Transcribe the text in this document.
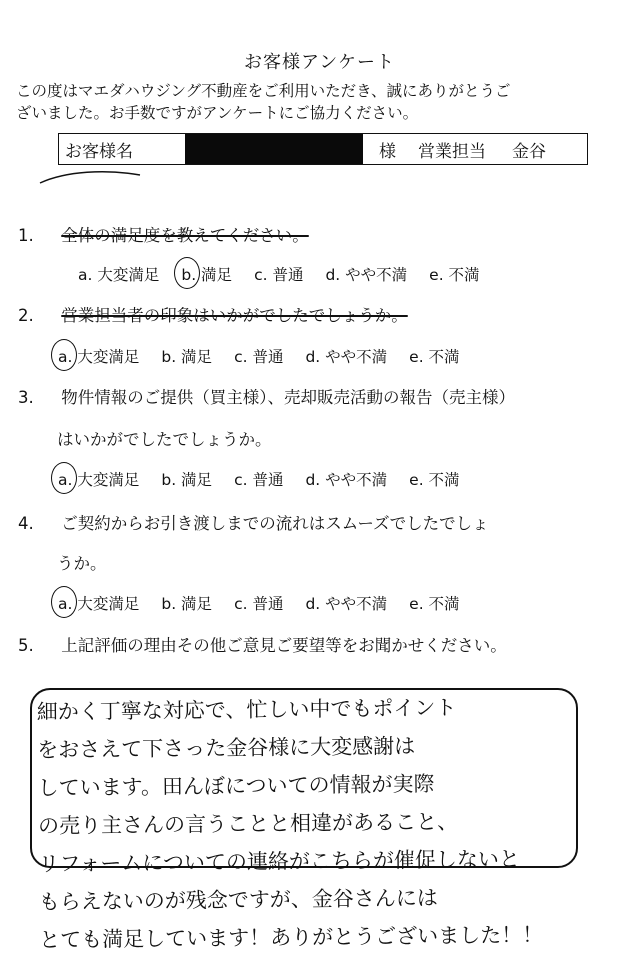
お客様アンケート
この度はマエダハウジング不動産をご利用いただき、誠にありがとうご
ざいました。お手数ですがアンケートにご協力ください。
お客様名	様 営業担当 金谷
1. 全体の満足度を教えてください。
a. 大変満足 b. 満足 c. 普通 d. やや不満 e. 不満
2. 営業担当者の印象はいかがでしたでしょうか。
a. 大変満足 b. 満足 c. 普通 d. やや不満 e. 不満
3. 物件情報のご提供（買主様）、売却販売活動の報告（売主様）
はいかがでしたでしょうか。
a. 大変満足 b. 満足 c. 普通 d. やや不満 e. 不満
4. ご契約からお引き渡しまでの流れはスムーズでしたでしょ
うか。
a. 大変満足 b. 満足 c. 普通 d. やや不満 e. 不満
5. 上記評価の理由その他ご意見ご要望等をお聞かせください。
細かく丁寧な対応で、忙しい中でもポイント
をおさえて下さった金谷様に大変感謝は
しています。田んぼについての情報が実際
の売り主さんの言うことと相違があること、
リフォームについての連絡がこちらが催促しないと
もらえないのが残念ですが、金谷さんには
とても満足しています！ありがとうございました！！
